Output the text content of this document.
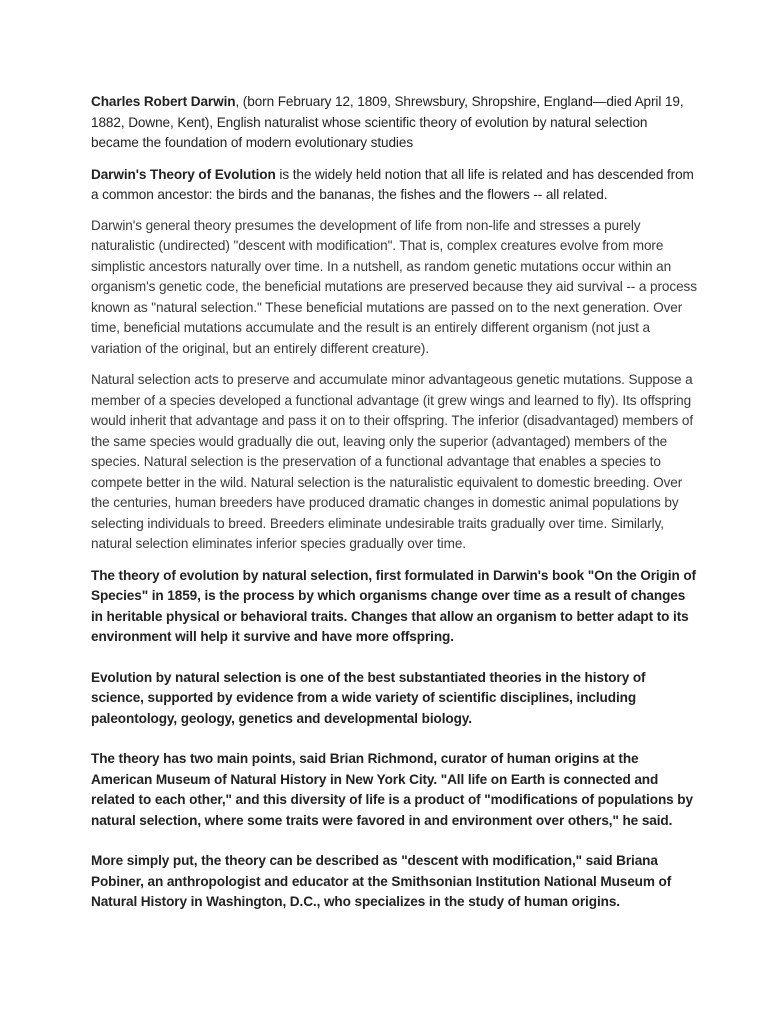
Charles Robert Darwin, (born February 12, 1809, Shrewsbury, Shropshire, England—died April 19, 1882, Downe, Kent), English naturalist whose scientific theory of evolution by natural selection became the foundation of modern evolutionary studies

Darwin's Theory of Evolution is the widely held notion that all life is related and has descended from a common ancestor: the birds and the bananas, the fishes and the flowers -- all related.

Darwin's general theory presumes the development of life from non-life and stresses a purely naturalistic (undirected) "descent with modification". That is, complex creatures evolve from more simplistic ancestors naturally over time. In a nutshell, as random genetic mutations occur within an organism's genetic code, the beneficial mutations are preserved because they aid survival -- a process known as "natural selection." These beneficial mutations are passed on to the next generation. Over time, beneficial mutations accumulate and the result is an entirely different organism (not just a variation of the original, but an entirely different creature).

Natural selection acts to preserve and accumulate minor advantageous genetic mutations. Suppose a member of a species developed a functional advantage (it grew wings and learned to fly). Its offspring would inherit that advantage and pass it on to their offspring. The inferior (disadvantaged) members of the same species would gradually die out, leaving only the superior (advantaged) members of the species. Natural selection is the preservation of a functional advantage that enables a species to compete better in the wild. Natural selection is the naturalistic equivalent to domestic breeding. Over the centuries, human breeders have produced dramatic changes in domestic animal populations by selecting individuals to breed. Breeders eliminate undesirable traits gradually over time. Similarly, natural selection eliminates inferior species gradually over time.

The theory of evolution by natural selection, first formulated in Darwin's book "On the Origin of Species" in 1859, is the process by which organisms change over time as a result of changes in heritable physical or behavioral traits. Changes that allow an organism to better adapt to its environment will help it survive and have more offspring.

Evolution by natural selection is one of the best substantiated theories in the history of science, supported by evidence from a wide variety of scientific disciplines, including paleontology, geology, genetics and developmental biology.

The theory has two main points, said Brian Richmond, curator of human origins at the American Museum of Natural History in New York City. "All life on Earth is connected and related to each other," and this diversity of life is a product of "modifications of populations by natural selection, where some traits were favored in and environment over others," he said.

More simply put, the theory can be described as "descent with modification," said Briana Pobiner, an anthropologist and educator at the Smithsonian Institution National Museum of Natural History in Washington, D.C., who specializes in the study of human origins.
